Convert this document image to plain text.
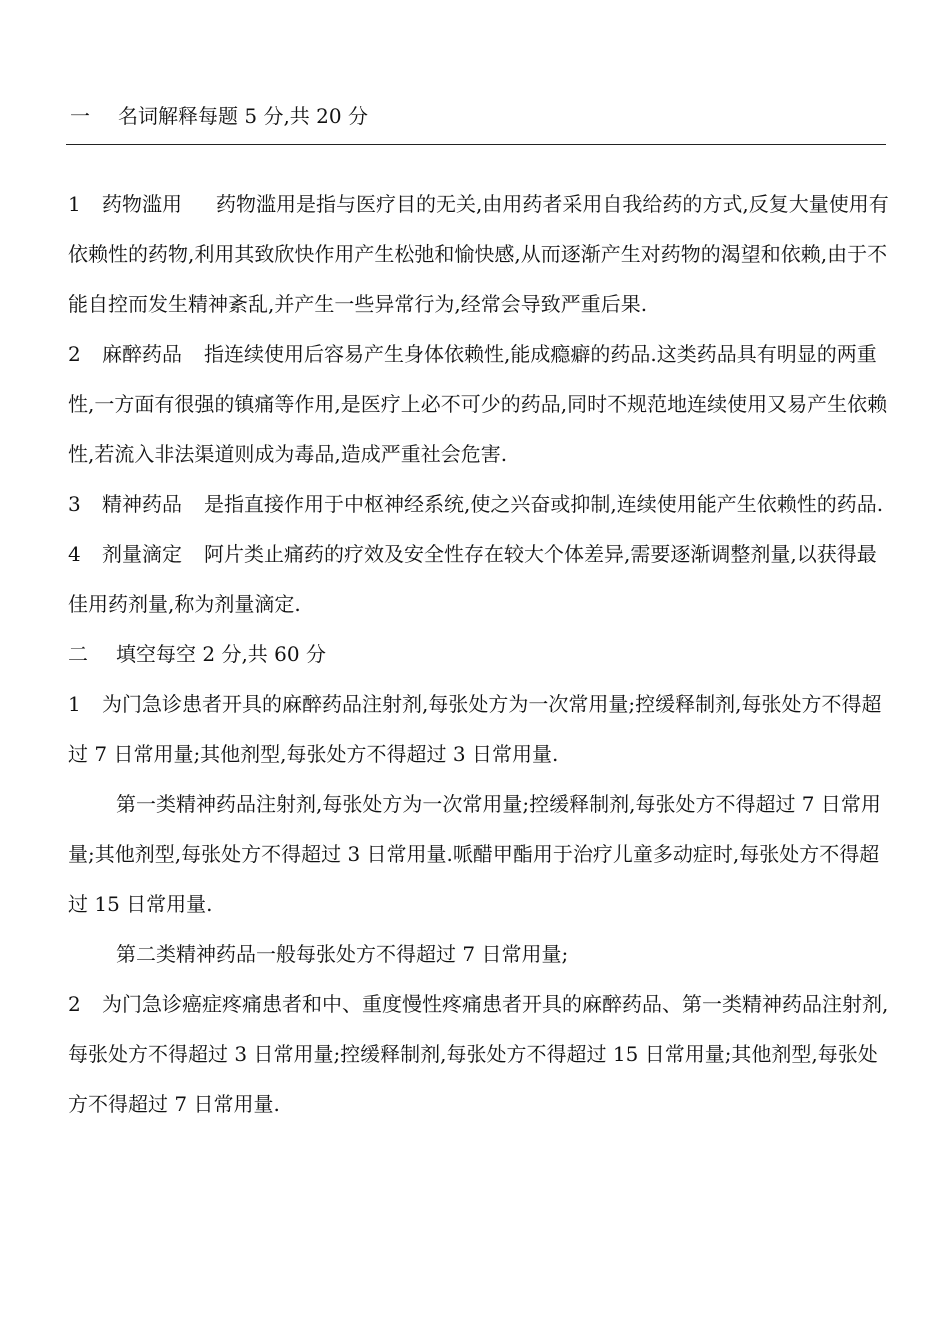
一 名词解释每题 5 分,共 20 分

1 药物滥用 药物滥用是指与医疗目的无关,由用药者采用自我给药的方式,反复大量使用有依赖性的药物,利用其致欣快作用产生松弛和愉快感,从而逐渐产生对药物的渴望和依赖,由于不能自控而发生精神紊乱,并产生一些异常行为,经常会导致严重后果.

2 麻醉药品 指连续使用后容易产生身体依赖性,能成瘾癖的药品.这类药品具有明显的两重性,一方面有很强的镇痛等作用,是医疗上必不可少的药品,同时不规范地连续使用又易产生依赖性,若流入非法渠道则成为毒品,造成严重社会危害.

3 精神药品 是指直接作用于中枢神经系统,使之兴奋或抑制,连续使用能产生依赖性的药品.

4 剂量滴定 阿片类止痛药的疗效及安全性存在较大个体差异,需要逐渐调整剂量,以获得最佳用药剂量,称为剂量滴定.

二 填空每空 2 分,共 60 分

1 为门急诊患者开具的麻醉药品注射剂,每张处方为一次常用量;控缓释制剂,每张处方不得超过 7 日常用量;其他剂型,每张处方不得超过 3 日常用量.

第一类精神药品注射剂,每张处方为一次常用量;控缓释制剂,每张处方不得超过 7 日常用量;其他剂型,每张处方不得超过 3 日常用量.哌醋甲酯用于治疗儿童多动症时,每张处方不得超过 15 日常用量.

第二类精神药品一般每张处方不得超过 7 日常用量;

2 为门急诊癌症疼痛患者和中、重度慢性疼痛患者开具的麻醉药品、第一类精神药品注射剂,每张处方不得超过 3 日常用量;控缓释制剂,每张处方不得超过 15 日常用量;其他剂型,每张处方不得超过 7 日常用量.
